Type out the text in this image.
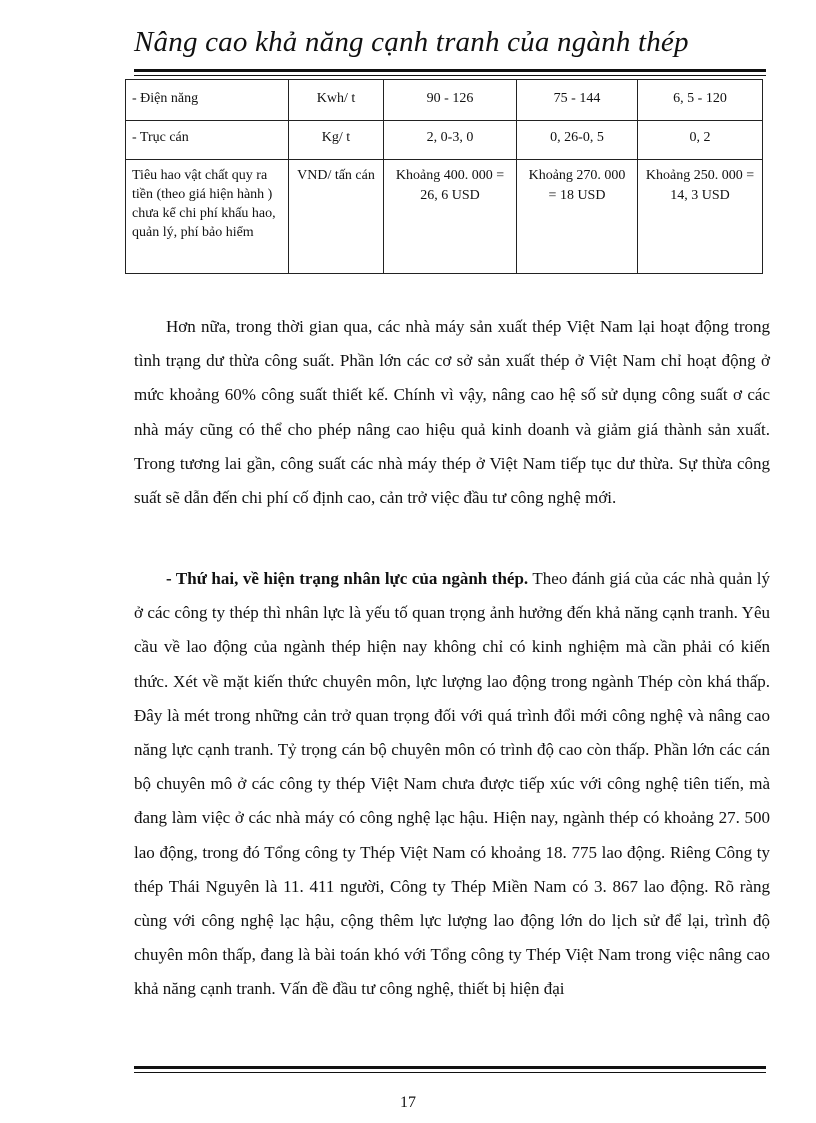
Nâng cao khả năng cạnh tranh của ngành thép
- Điện năng	Kwh/ t	90 - 126	75 - 144	6, 5 - 120
- Trục cán	Kg/ t	2, 0-3, 0	0, 26-0, 5	0, 2
Tiêu hao vật chất quy ra tiền (theo giá hiện hành ) chưa kể chi phí khấu hao, quản lý, phí bảo hiểm	VND/ tấn cán	Khoảng 400. 000 = 26, 6 USD	Khoảng 270. 000 = 18 USD	Khoảng 250. 000 = 14, 3 USD

Hơn nữa, trong thời gian qua, các nhà máy sản xuất thép Việt Nam lại hoạt động trong tình trạng dư thừa công suất. Phần lớn các cơ sở sản xuất thép ở Việt Nam chỉ hoạt động ở mức khoảng 60% công suất thiết kế. Chính vì vậy, nâng cao hệ số sử dụng công suất ơ các nhà máy cũng có thể cho phép nâng cao hiệu quả kinh doanh và giảm giá thành sản xuất. Trong tương lai gần, công suất các nhà máy thép ở Việt Nam tiếp tục dư thừa. Sự thừa công suất sẽ dẫn đến chi phí cố định cao, cản trở việc đầu tư công nghệ mới.

- Thứ hai, về hiện trạng nhân lực của ngành thép. Theo đánh giá của các nhà quản lý ở các công ty thép thì nhân lực là yếu tố quan trọng ảnh hưởng đến khả năng cạnh tranh. Yêu cầu về lao động của ngành thép hiện nay không chỉ có kinh nghiệm mà cần phải có kiến thức. Xét về mặt kiến thức chuyên môn, lực lượng lao động trong ngành Thép còn khá thấp. Đây là mét trong những cản trở quan trọng đối với quá trình đổi mới công nghệ và nâng cao năng lực cạnh tranh. Tỷ trọng cán bộ chuyên môn có trình độ cao còn thấp. Phần lớn các cán bộ chuyên mô ở các công ty thép Việt Nam chưa được tiếp xúc với công nghệ tiên tiến, mà đang làm việc ở các nhà máy có công nghệ lạc hậu. Hiện nay, ngành thép có khoảng 27. 500 lao động, trong đó Tổng công ty Thép Việt Nam có khoảng 18. 775 lao động. Riêng Công ty thép Thái Nguyên là 11. 411 người, Công ty Thép Miền Nam có 3. 867 lao động. Rõ ràng cùng với công nghệ lạc hậu, cộng thêm lực lượng lao động lớn do lịch sử để lại, trình độ chuyên môn thấp, đang là bài toán khó với Tổng công ty Thép Việt Nam trong việc nâng cao khả năng cạnh tranh. Vấn đề đầu tư công nghệ, thiết bị hiện đại

17
